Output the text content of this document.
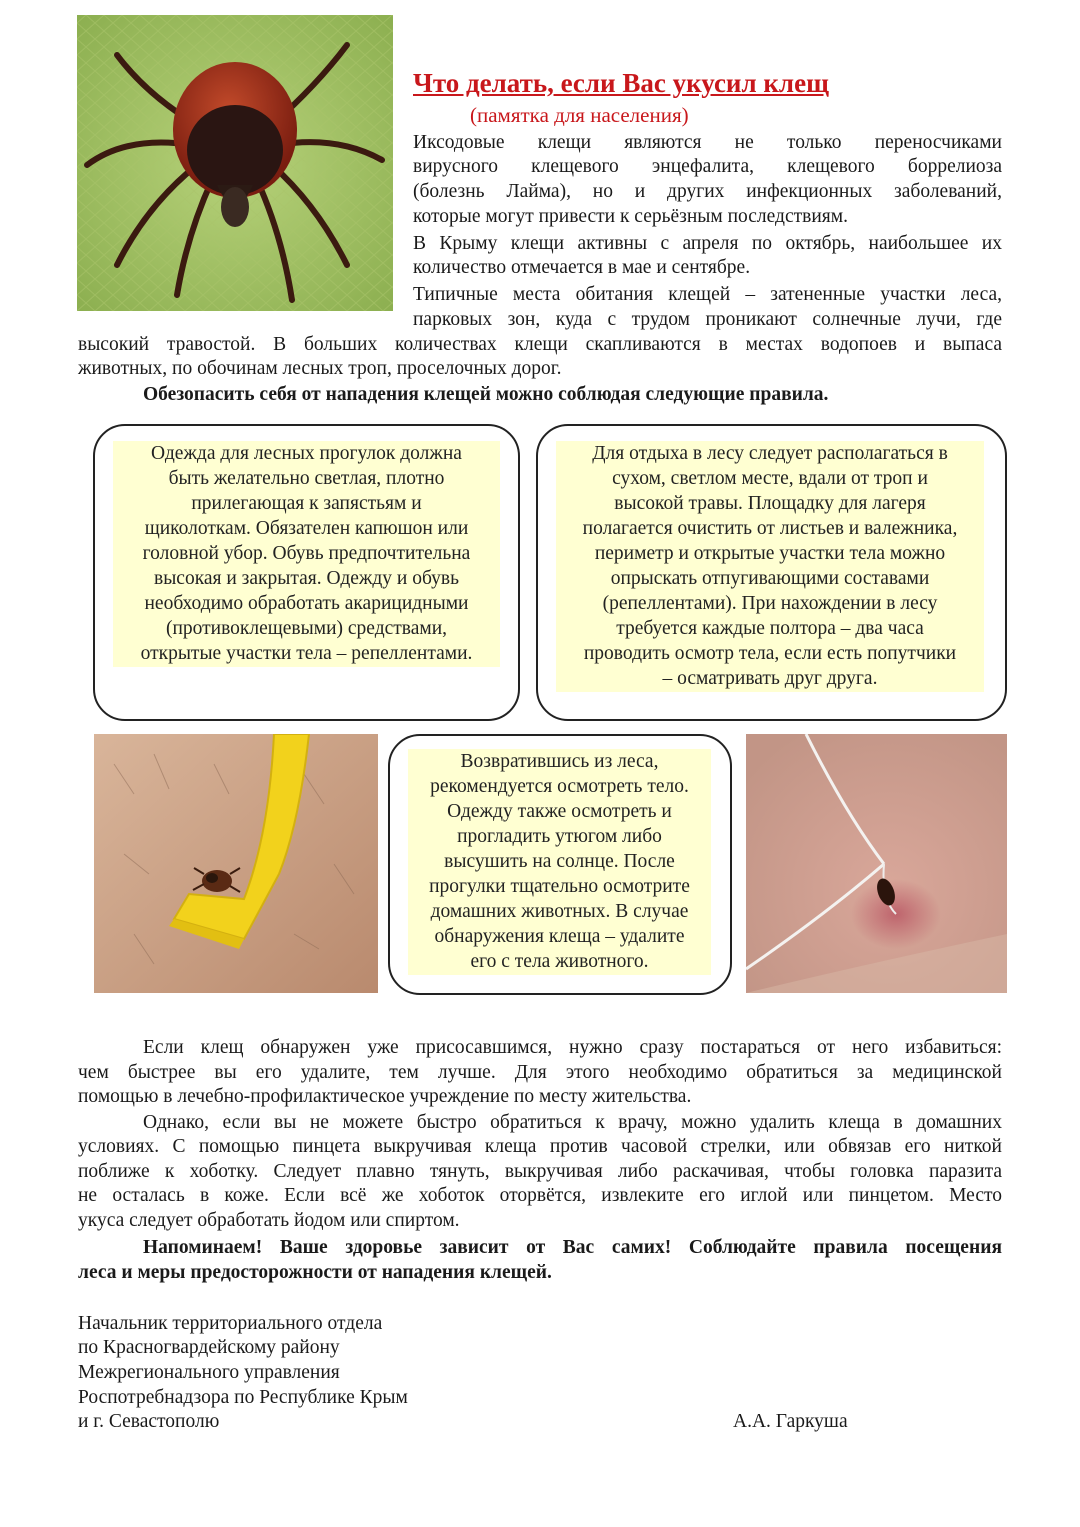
Что делать, если Вас укусил клещ
(памятка для населения)
Иксодовые клещи являются не только переносчиками
вирусного клещевого энцефалита, клещевого боррелиоза
(болезнь Лайма), но и других инфекционных заболеваний,
которые могут привести к серьёзным последствиям.
В Крыму клещи активны с апреля по октябрь, наибольшее их
количество отмечается в мае и сентябре.
Типичные места обитания клещей – затененные участки леса,
парковых зон, куда с трудом проникают солнечные лучи, где
высокий травостой. В больших количествах клещи скапливаются в местах водопоев и выпаса
животных, по обочинам лесных троп, проселочных дорог.
Обезопасить себя от нападения клещей можно соблюдая следующие правила.
Одежда для лесных прогулок должна
быть желательно светлая, плотно
прилегающая к запястьям и
щиколоткам. Обязателен капюшон или
головной убор. Обувь предпочтительна
высокая и закрытая. Одежду и обувь
необходимо обработать акарицидными
(противоклещевыми) средствами,
открытые участки тела – репеллентами.
Для отдыха в лесу следует располагаться в
сухом, светлом месте, вдали от троп и
высокой травы. Площадку для лагеря
полагается очистить от листьев и валежника,
периметр и открытые участки тела можно
опрыскать отпугивающими составами
(репеллентами). При нахождении в лесу
требуется каждые полтора – два часа
проводить осмотр тела, если есть попутчики
– осматривать друг друга.
Возвратившись из леса,
рекомендуется осмотреть тело.
Одежду также осмотреть и
прогладить утюгом либо
высушить на солнце. После
прогулки тщательно осмотрите
домашних животных. В случае
обнаружения клеща – удалите
его с тела животного.
Если клещ обнаружен уже присосавшимся, нужно сразу постараться от него избавиться:
чем быстрее вы его удалите, тем лучше. Для этого необходимо обратиться за медицинской
помощью в лечебно-профилактическое учреждение по месту жительства.
Однако, если вы не можете быстро обратиться к врачу, можно удалить клеща в домашних
условиях. С помощью пинцета выкручивая клеща против часовой стрелки, или обвязав его ниткой
поближе к хоботку. Следует плавно тянуть, выкручивая либо раскачивая, чтобы головка паразита
не осталась в коже. Если всё же хоботок оторвётся, извлеките его иглой или пинцетом. Место
укуса следует обработать йодом или спиртом.
Напоминаем! Ваше здоровье зависит от Вас самих! Соблюдайте правила посещения
леса и меры предосторожности от нападения клещей.
Начальник территориального отдела
по Красногвардейскому району
Межрегионального управления
Роспотребнадзора по Республике Крым
и г. Севастополю	А.А. Гаркуша
